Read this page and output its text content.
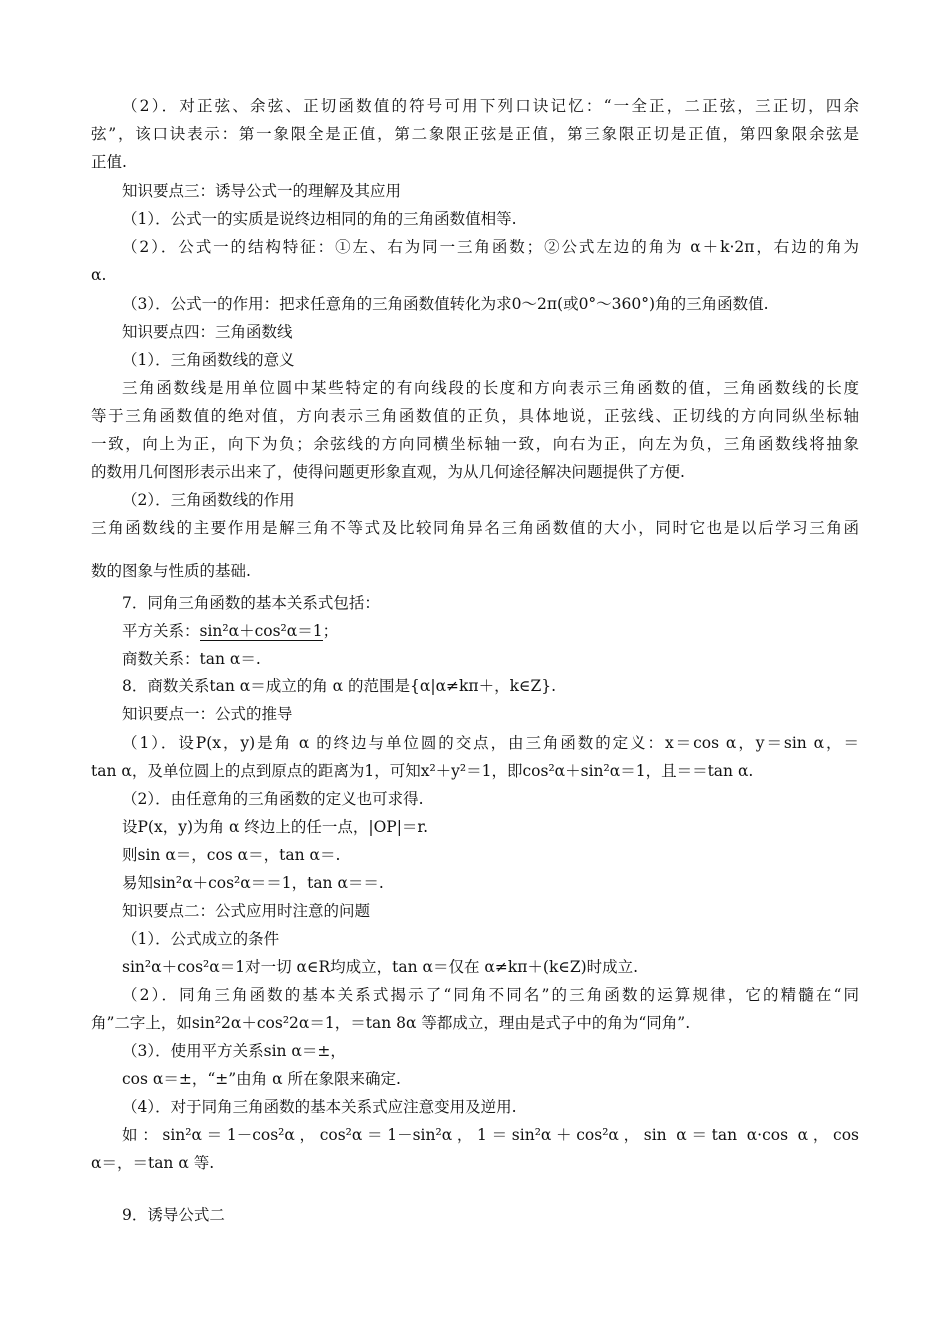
（2）．对正弦、余弦、正切函数值的符号可用下列口诀记忆：“一全正，二正弦，三正切，四余
弦”，该口诀表示：第一象限全是正值，第二象限正弦是正值，第三象限正切是正值，第四象限余弦是
正值.
知识要点三：诱导公式一的理解及其应用
（1）．公式一的实质是说终边相同的角的三角函数值相等.
（2）．公式一的结构特征：①左、右为同一三角函数；②公式左边的角为 α＋k·2π，右边的角为
α.
（3）．公式一的作用：把求任意角的三角函数值转化为求0～2π(或0°～360°)角的三角函数值.
知识要点四：三角函数线
（1）．三角函数线的意义
三角函数线是用单位圆中某些特定的有向线段的长度和方向表示三角函数的值，三角函数线的长度
等于三角函数值的绝对值，方向表示三角函数值的正负，具体地说，正弦线、正切线的方向同纵坐标轴
一致，向上为正，向下为负；余弦线的方向同横坐标轴一致，向右为正，向左为负，三角函数线将抽象
的数用几何图形表示出来了，使得问题更形象直观，为从几何途径解决问题提供了方便.
（2）．三角函数线的作用
三角函数线的主要作用是解三角不等式及比较同角异名三角函数值的大小，同时它也是以后学习三角函
数的图象与性质的基础.
7．同角三角函数的基本关系式包括：
平方关系：sin²α＋cos²α＝1；
商数关系：tan α＝.
8．商数关系tan α＝成立的角 α 的范围是{α|α≠kπ＋，k∈Z}.
知识要点一：公式的推导
（1）．设P(x，y)是角 α 的终边与单位圆的交点，由三角函数的定义：x＝cos α，y＝sin α，＝
tan α，及单位圆上的点到原点的距离为1，可知x²＋y²＝1，即cos²α＋sin²α＝1，且＝＝tan α.
（2）．由任意角的三角函数的定义也可求得.
设P(x，y)为角 α 终边上的任一点，|OP|＝r.
则sin α＝，cos α＝，tan α＝.
易知sin²α＋cos²α＝＝1，tan α＝＝.
知识要点二：公式应用时注意的问题
（1）．公式成立的条件
sin²α＋cos²α＝1对一切 α∈R均成立，tan α＝仅在 α≠kπ＋(k∈Z)时成立.
（2）．同角三角函数的基本关系式揭示了“同角不同名”的三角函数的运算规律，它的精髓在“同
角”二字上，如sin²2α＋cos²2α＝1，＝tan 8α 等都成立，理由是式子中的角为“同角”.
（3）．使用平方关系sin α＝±，
cos α＝±，“±”由角 α 所在象限来确定.
（4）．对于同角三角函数的基本关系式应注意变用及逆用.
如：sin²α＝1－cos²α，cos²α＝1－sin²α，1＝sin²α＋cos²α，sin α＝tan α·cos α，cos
α＝，＝tan α 等.
9．诱导公式二
